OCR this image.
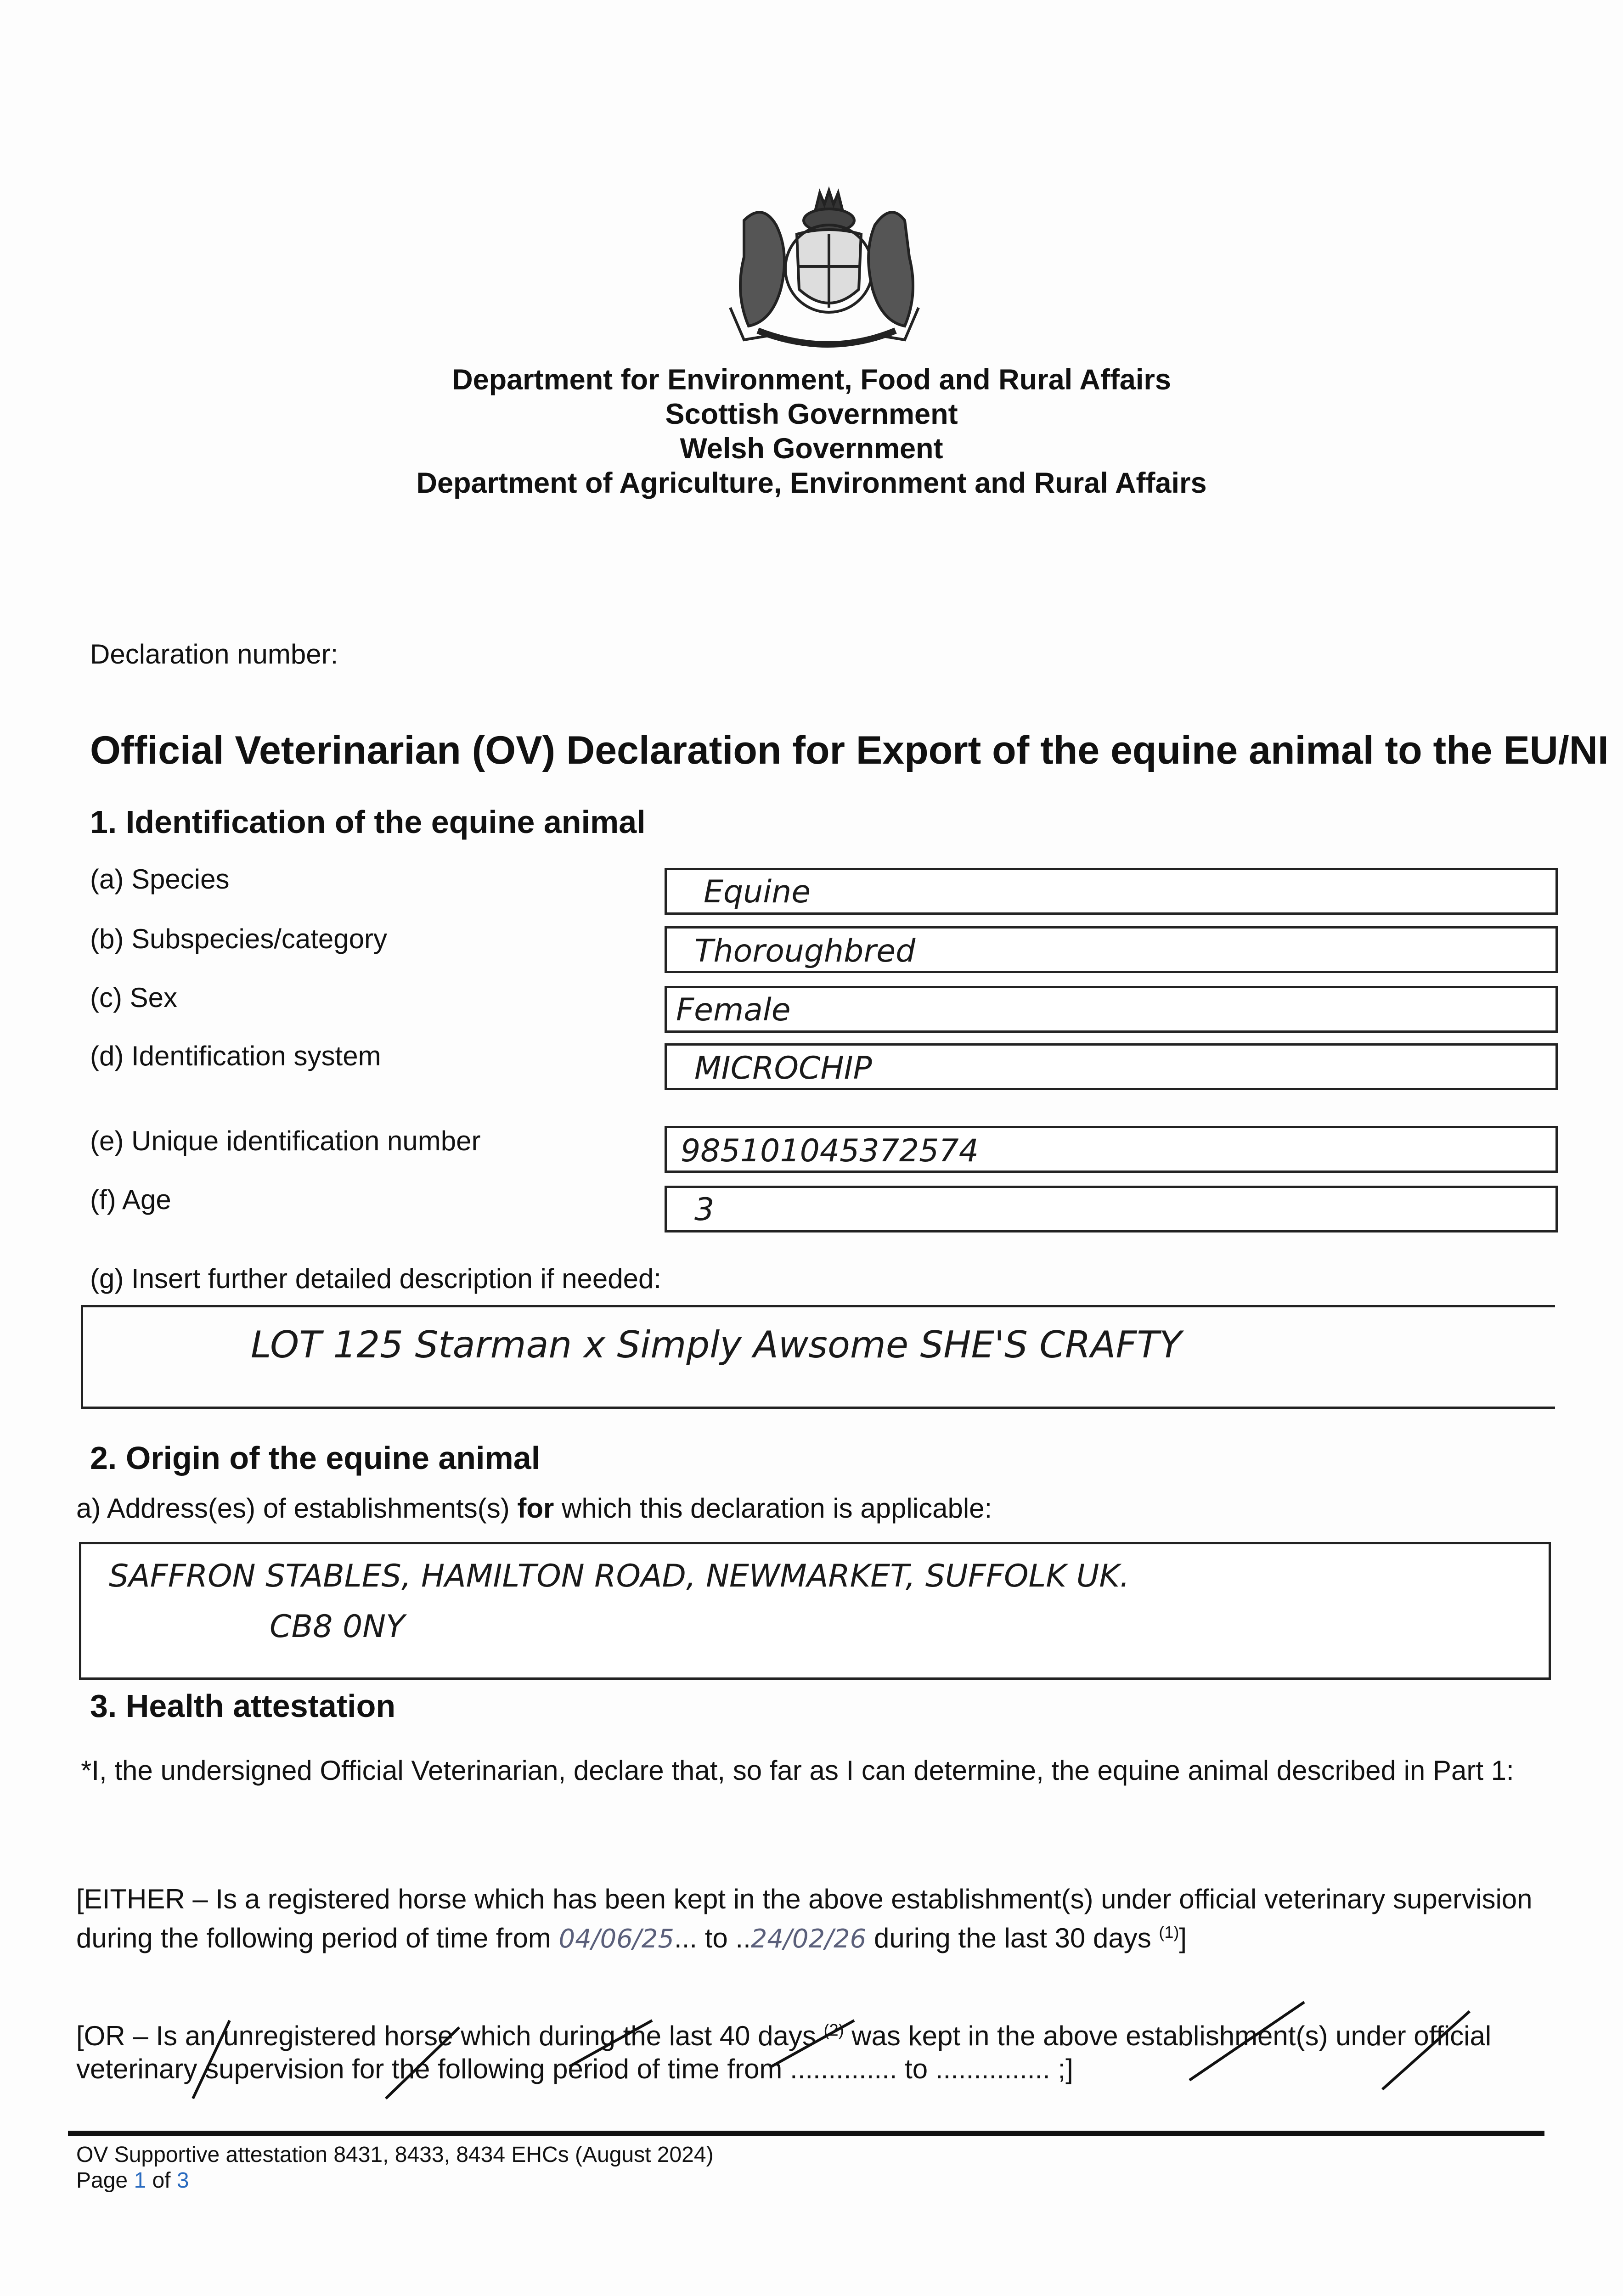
Department for Environment, Food and Rural Affairs
Scottish Government
Welsh Government
Department of Agriculture, Environment and Rural Affairs
Declaration number:
Official Veterinarian (OV) Declaration for Export of the equine animal to the EU/NI
1. Identification of the equine animal
(a) Species	Equine
(b) Subspecies/category	Thoroughbred
(c) Sex	Female
(d) Identification system	MICROCHIP
(e) Unique identification number	985101045372574
(f) Age	3
(g) Insert further detailed description if needed:
LOT 125 Starman x Simply Awsome SHE'S CRAFTY
2. Origin of the equine animal
a) Address(es) of establishments(s) for which this declaration is applicable:
SAFFRON STABLES, HAMILTON ROAD, NEWMARKET, SUFFOLK UK.
CB8 0NY
3. Health attestation
*I, the undersigned Official Veterinarian, declare that, so far as I can determine, the equine animal described in Part 1:
[EITHER – Is a registered horse which has been kept in the above establishment(s) under official veterinary supervision during the following period of time from 04/06/25... to ..24/02/26 during the last 30 days $^{(1)}$]
[OR – Is an unregistered horse which during the last 40 days $^{(2)}$ was kept in the above establishment(s) under official veterinary supervision for the following period of time from .............. to ............... ;]
OV Supportive attestation 8431, 8433, 8434 EHCs (August 2024)
Page 1 of 3
